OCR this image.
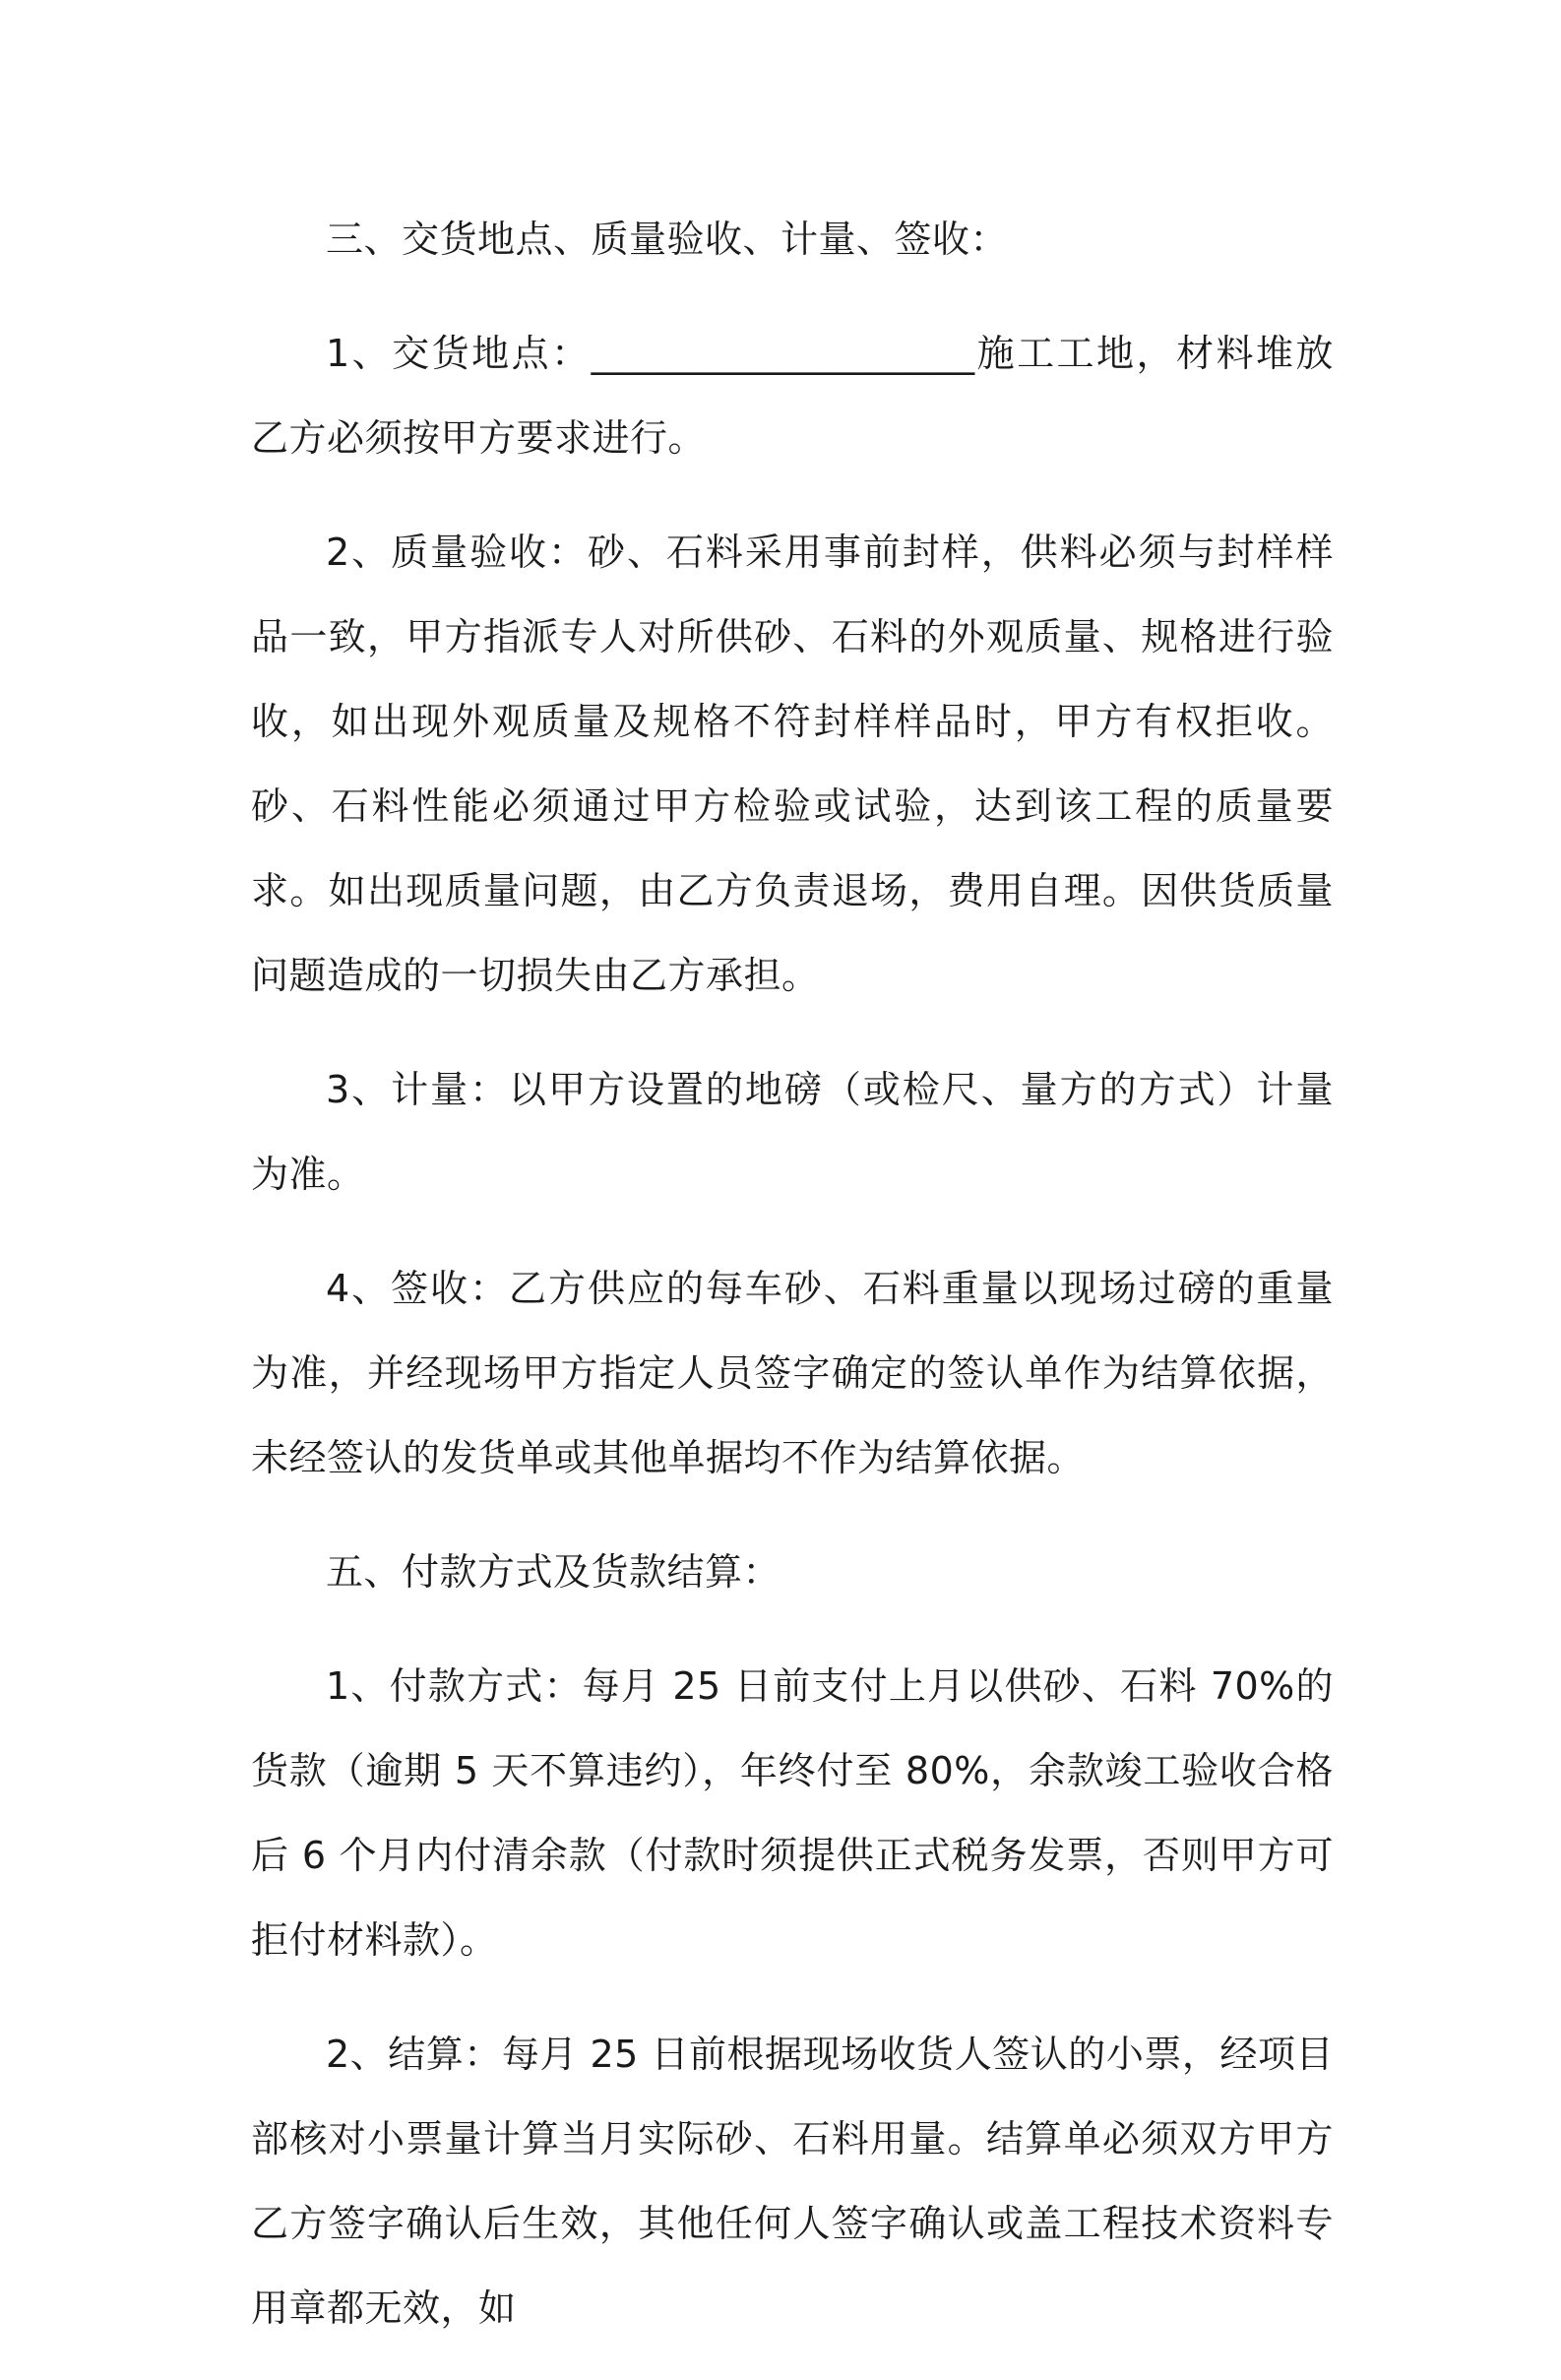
三、交货地点、质量验收、计量、签收：

1、交货地点：____________________施工工地，材料堆放乙方必须按甲方要求进行。

2、质量验收：砂、石料采用事前封样，供料必须与封样样品一致，甲方指派专人对所供砂、石料的外观质量、规格进行验收，如出现外观质量及规格不符封样样品时，甲方有权拒收。砂、石料性能必须通过甲方检验或试验，达到该工程的质量要求。如出现质量问题，由乙方负责退场，费用自理。因供货质量问题造成的一切损失由乙方承担。

3、计量：以甲方设置的地磅（或检尺、量方的方式）计量为准。

4、签收：乙方供应的每车砂、石料重量以现场过磅的重量为准，并经现场甲方指定人员签字确定的签认单作为结算依据，未经签认的发货单或其他单据均不作为结算依据。

五、付款方式及货款结算：

1、付款方式：每月 25 日前支付上月以供砂、石料 70%的货款（逾期 5 天不算违约），年终付至 80%，余款竣工验收合格后 6 个月内付清余款（付款时须提供正式税务发票，否则甲方可拒付材料款）。

2、结算：每月 25 日前根据现场收货人签认的小票，经项目部核对小票量计算当月实际砂、石料用量。结算单必须双方甲方乙方签字确认后生效，其他任何人签字确认或盖工程技术资料专用章都无效，如
